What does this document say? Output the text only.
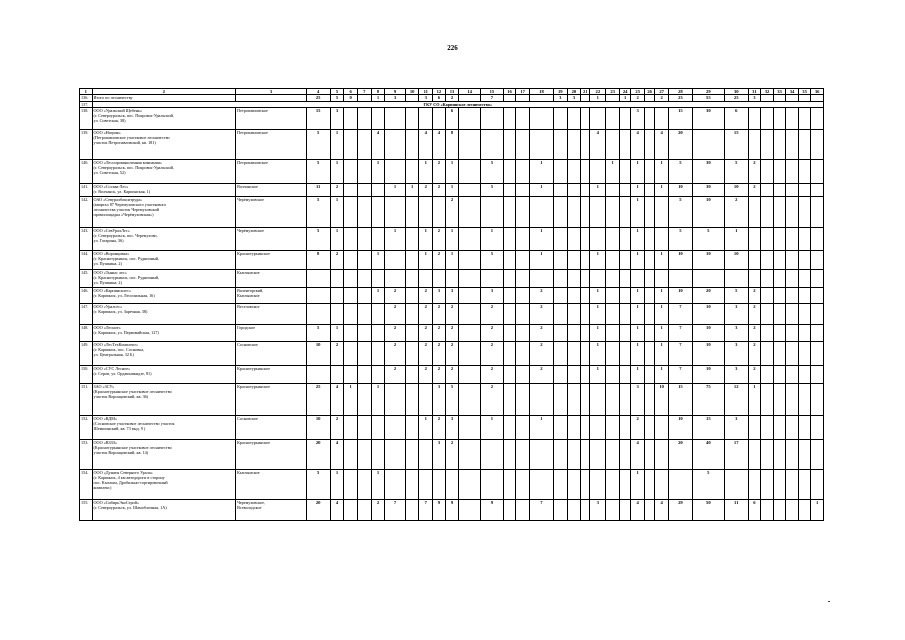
226
1	2	3	4	5	6	7	8	9	10	11	12	13	14	15	16	17	18	19	20	21	22	23	24	25	26	27	28	29	30	31	32	33	34	35	36
136.	Итого по лесничеству		25	5	0		1	3		3	6	2		7				3	3		1		1	2		2	23	55	25	3					
137.	ГКУ СО «Карпинское лесничество»																																		
138.	ООО «Уральский Щебень»
(г. Североуральск, пос. Покровск-Уральский,
ул. Советская, 38)	Петропавловское	15	3								6												3			15	30	6						
139.	ООО «Нагрия»
(Петропавловское участковое лесничество
участок Петропавловский, кв. 181)	Петропавловское	5	1			4			4	4	8									4			4		4	20		15						
140.	ООО «Лесопромышленная компания»
(г. Североуральск, пос. Покровск-Уральский,
ул. Советская, 52)	Петропавловское	5	1			1			1	2	1		5			1					1		1		1	5	30	5	2					
141.	ООО «Сосьва-Лес»
(г. Волчанск, ул. Карпинская, 1)	Волчанское	11	2				1	1	2	2	1		5			1				1			1		1	10	30	10	2					
142.	ОАО «Севуралбокситруда»
(квартал 87 Черемуховского участкового
лесничества участок Черемуховский
промплощадка «Черёмуховская»)	Черёмуховское	5	1								2												1			5	10	2						
143.	ООО «СевУралЛес»
(г. Североуральск, пос. Черемухово,
ул. Гагарина, 36)	Черёмуховское	5	1				1		1	2	1		1			1							1			5	5	1						
144.	ООО «Воронцовка»
(г. Краснотурьинск, пос. Рудничный,
ул. Пушкина, 2)	Краснотурьинское	8	2			1			1	2	1		5			1				1			1		1	10	10	10						
145.	ООО «Тыныс лес»
(г. Краснотурьинск, пос. Рудничный,
ул. Пушкина, 2)	Кытлымское																																	
146.	ООО «Карпинсклес»
(г. Карпинск, ул. Лесопильная, 16)	Валенторский,
Кытлымское					1	2		2	3	3		3			2				1			1		1	10	20	5	2					
147.	ООО «Уралсес»
(г. Карпинск, ул. Заречная, 38)	Веселовское						2		2	2	2		2			2				1			1		1	7	10	3	2					
148.	ООО «Лесное»
(г. Карпинск, ул. Первомайская, 127)	Городское	5	1				2		2	2	2		2			2				1			1		1	7	10	3	2					
149.	ООО «ЛесТехКомплект»
(г. Карпинск, пос. Сосновка,
ул. Центральная, 32 Б)	Сосновское	10	2				2		2	2	2		2			2				1			1		1	7	10	3	2					
150.	ООО «СУС Лесное»
(г. Серов, ул. Орджоникидзе, 81)	Краснотурьинское						2		2	2	2		2			2				1			1		1	7	10	3	2					
151.	ЗАО «ЗСУ»
(Краснотурьинское участковое лесничество
участок Воронцовский, кв. 36)	Краснотурьинское	25	4	1		1				3	5		2										3		10	15	75	12	1					
152.	ООО «ВДМ»
(Сосновское участковое лесничество участок
Шемшинский, кв. 73 выд. 9 )	Сосновское	10	2						1	2	3		1			1							2			10	15	3						
153.	ООО «ВЗЗЗ»
(Краснотурьинское участковое лесничество
участок Воронцовский, кв. 14)	Краснотурьинское	20	4							3	2												4			20	40	17						
154.	ООО «Дунаты Северного Урала»
(г. Карпинск, 4 км автодороги в сторону
пос. Кытлым, Дробильно-сортировочный
комплекс)	Кытлымское	5	1			1																	1				5							
155.	ООО «СибирьЭкоСтрой»
(г. Североуральск, ул. Шамоблочная, 1А)	Черемуховское,
Всеволодское	20	4			2	7		7	9	9		9			7				3			4		4	29	50	11	6					1
